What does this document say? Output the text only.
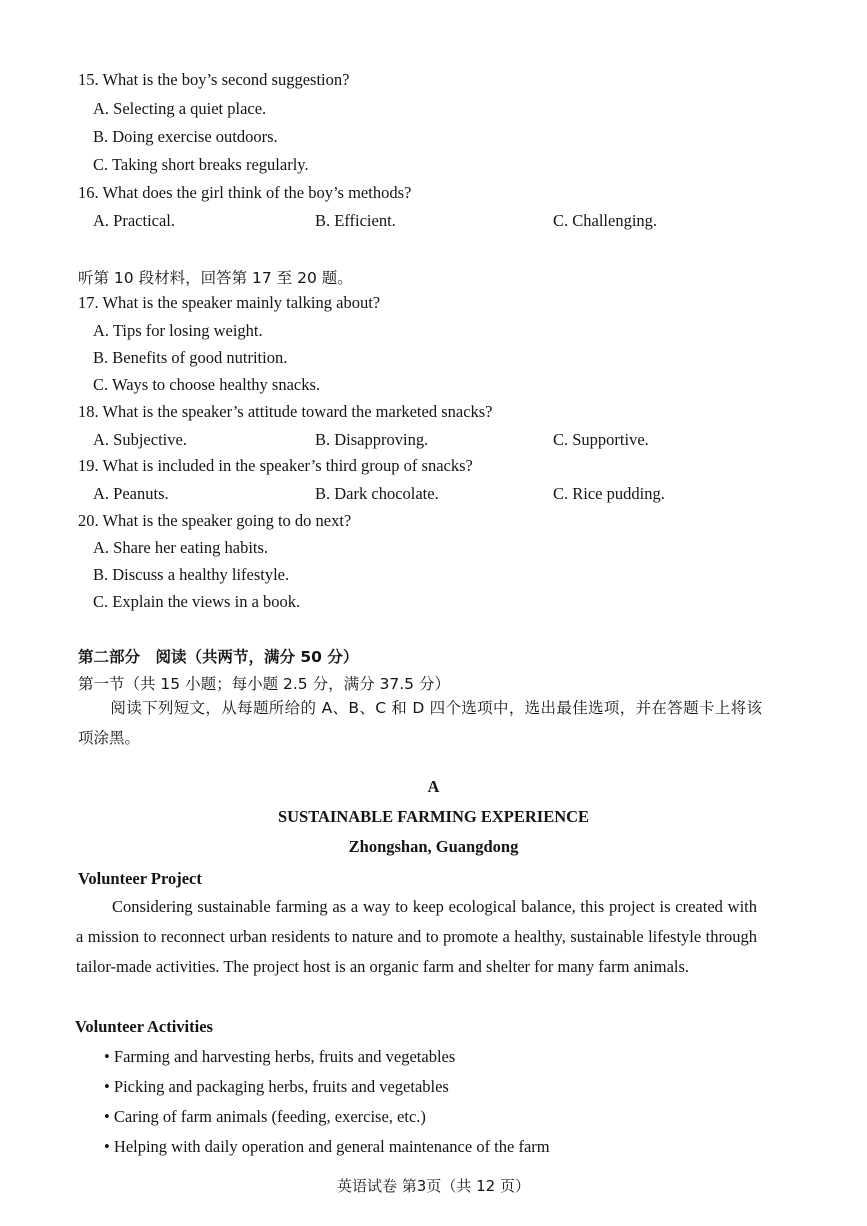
15. What is the boy’s second suggestion?
A. Selecting a quiet place.
B. Doing exercise outdoors.
C. Taking short breaks regularly.
16. What does the girl think of the boy’s methods?
A. Practical.	B. Efficient.	C. Challenging.
听第 10 段材料，回答第 17 至 20 题。
17. What is the speaker mainly talking about?
A. Tips for losing weight.
B. Benefits of good nutrition.
C. Ways to choose healthy snacks.
18. What is the speaker’s attitude toward the marketed snacks?
A. Subjective.	B. Disapproving.	C. Supportive.
19. What is included in the speaker’s third group of snacks?
A. Peanuts.	B. Dark chocolate.	C. Rice pudding.
20. What is the speaker going to do next?
A. Share her eating habits.
B. Discuss a healthy lifestyle.
C. Explain the views in a book.
第二部分　阅读（共两节，满分 50 分）
第一节（共 15 小题；每小题 2.5 分，满分 37.5 分）
阅读下列短文，从每题所给的 A、B、C 和 D 四个选项中，选出最佳选项，并在答题卡上将该项涂黑。
A
SUSTAINABLE FARMING EXPERIENCE
Zhongshan, Guangdong
Volunteer Project
Considering sustainable farming as a way to keep ecological balance, this project is created with a mission to reconnect urban residents to nature and to promote a healthy, sustainable lifestyle through tailor-made activities. The project host is an organic farm and shelter for many farm animals.
Volunteer Activities
• Farming and harvesting herbs, fruits and vegetables
• Picking and packaging herbs, fruits and vegetables
• Caring of farm animals (feeding, exercise, etc.)
• Helping with daily operation and general maintenance of the farm
英语试卷 第3页（共 12 页）
